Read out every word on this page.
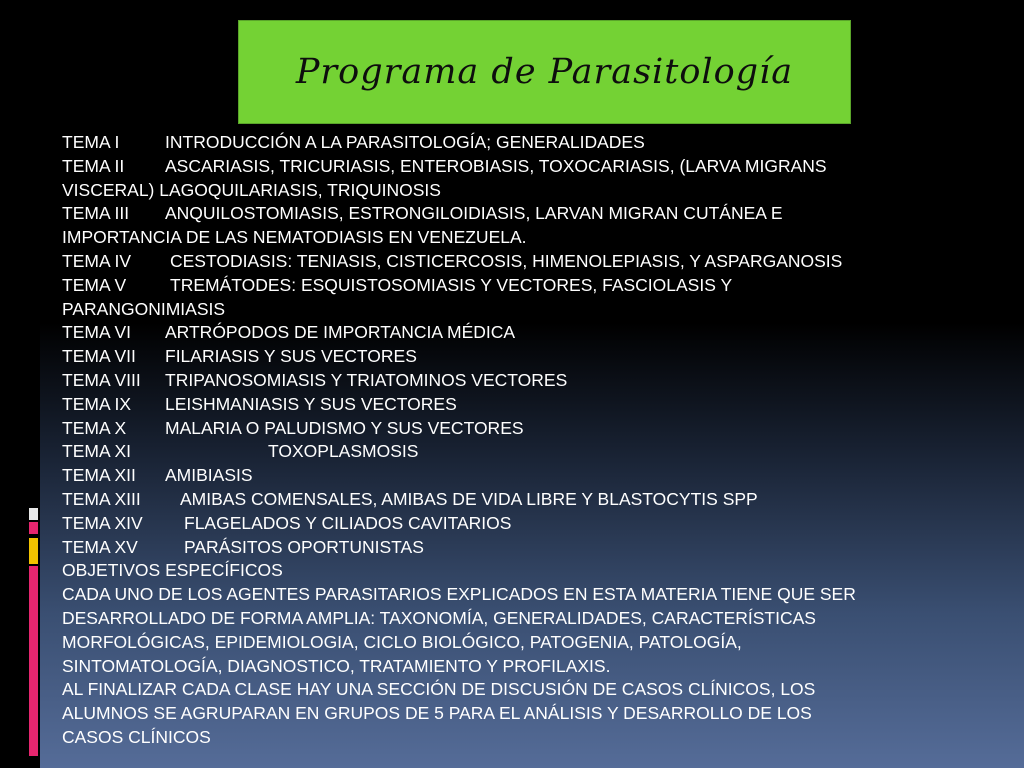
Programa de Parasitología
TEMA I	INTRODUCCIÓN A LA PARASITOLOGÍA; GENERALIDADES
TEMA II ASCARIASIS, TRICURIASIS, ENTEROBIASIS, TOXOCARIASIS, (LARVA MIGRANS
VISCERAL) LAGOQUILARIASIS, TRIQUINOSIS
TEMA III ANQUILOSTOMIASIS, ESTRONGILOIDIASIS, LARVAN MIGRAN CUTÁNEA E
IMPORTANCIA DE LAS NEMATODIASIS EN VENEZUELA.
TEMA IV CESTODIASIS: TENIASIS, CISTICERCOSIS, HIMENOLEPIASIS, Y ASPARGANOSIS
TEMA V	TREMÁTODES: ESQUISTOSOMIASIS Y VECTORES, FASCIOLASIS Y
PARANGONIMIASIS
TEMA VI ARTRÓPODOS DE IMPORTANCIA MÉDICA
TEMA VII FILARIASIS Y SUS VECTORES
TEMA VIII TRIPANOSOMIASIS Y TRIATOMINOS VECTORES
TEMA IX LEISHMANIASIS Y SUS VECTORES
TEMA X MALARIA O PALUDISMO Y SUS VECTORES
TEMA XI	TOXOPLASMOSIS
TEMA XII AMIBIASIS
TEMA XIII AMIBAS COMENSALES, AMIBAS DE VIDA LIBRE Y BLASTOCYTIS SPP
TEMA XIV FLAGELADOS Y CILIADOS CAVITARIOS
TEMA XV	PARÁSITOS OPORTUNISTAS
OBJETIVOS ESPECÍFICOS
CADA UNO DE LOS AGENTES PARASITARIOS EXPLICADOS EN ESTA MATERIA TIENE QUE SER
DESARROLLADO DE FORMA AMPLIA: TAXONOMÍA, GENERALIDADES, CARACTERÍSTICAS
MORFOLÓGICAS, EPIDEMIOLOGIA, CICLO BIOLÓGICO, PATOGENIA, PATOLOGÍA,
SINTOMATOLOGÍA, DIAGNOSTICO, TRATAMIENTO Y PROFILAXIS.
AL FINALIZAR CADA CLASE HAY UNA SECCIÓN DE DISCUSIÓN DE CASOS CLÍNICOS, LOS
ALUMNOS SE AGRUPARAN EN GRUPOS DE 5 PARA EL ANÁLISIS Y DESARROLLO DE LOS
CASOS CLÍNICOS
